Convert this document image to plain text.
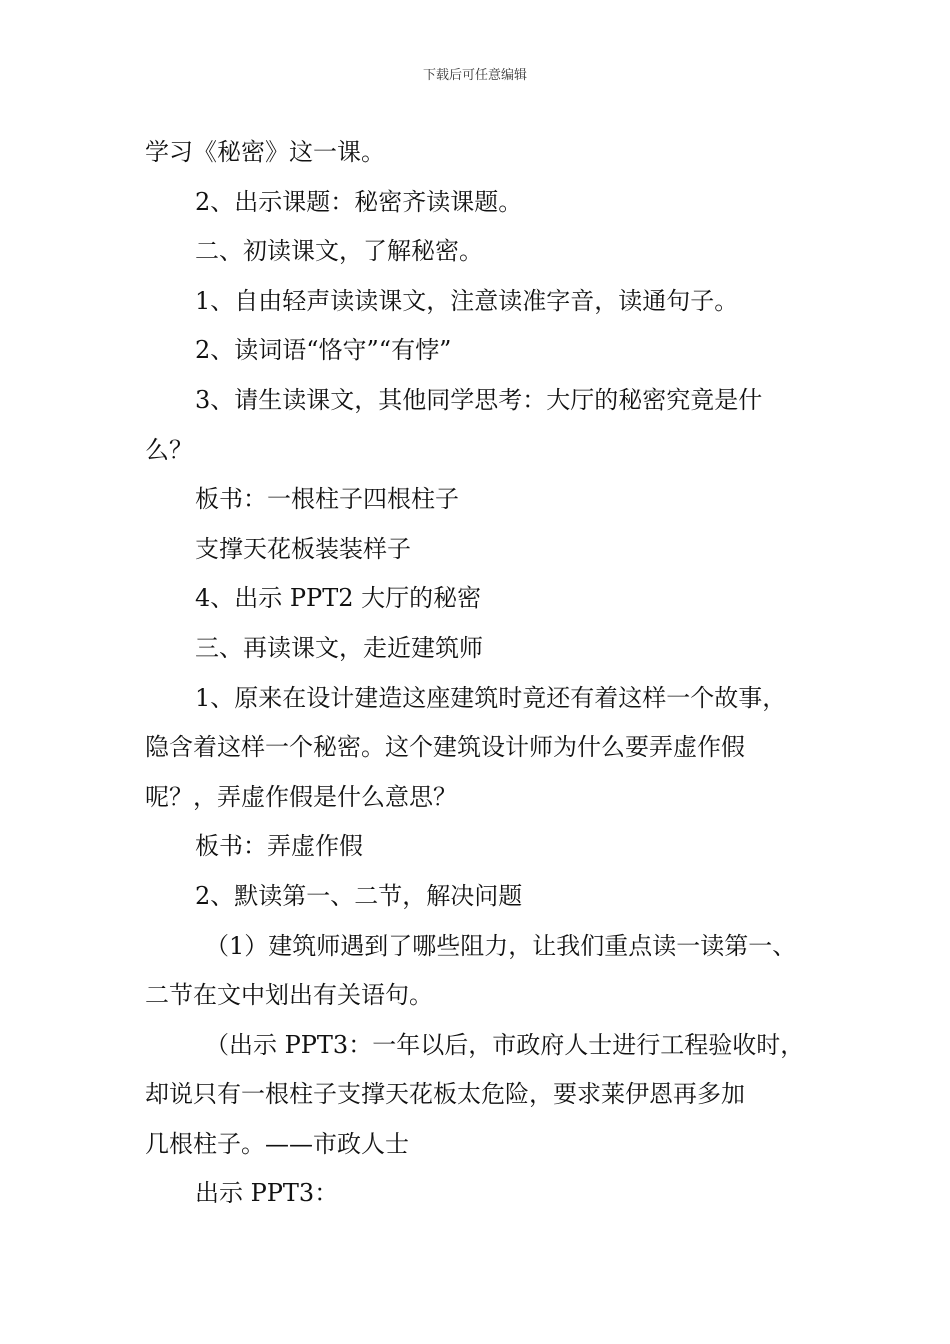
下载后可任意编辑
学习《秘密》这一课。
2、出示课题：秘密齐读课题。
二、初读课文，了解秘密。
1、自由轻声读读课文，注意读准字音，读通句子。
2、读词语“恪守”“有悖”
3、请生读课文，其他同学思考：大厅的秘密究竟是什
么？
板书：一根柱子四根柱子
支撑天花板装装样子
4、出示 PPT2 大厅的秘密
三、再读课文，走近建筑师
1、原来在设计建造这座建筑时竟还有着这样一个故事，
隐含着这样一个秘密。这个建筑设计师为什么要弄虚作假
呢？，弄虚作假是什么意思？
板书：弄虚作假
2、默读第一、二节，解决问题
（1）建筑师遇到了哪些阻力，让我们重点读一读第一、
二节在文中划出有关语句。
（出示 PPT3：一年以后，市政府人士进行工程验收时，
却说只有一根柱子支撑天花板太危险，要求莱伊恩再多加
几根柱子。——市政人士
出示 PPT3：
